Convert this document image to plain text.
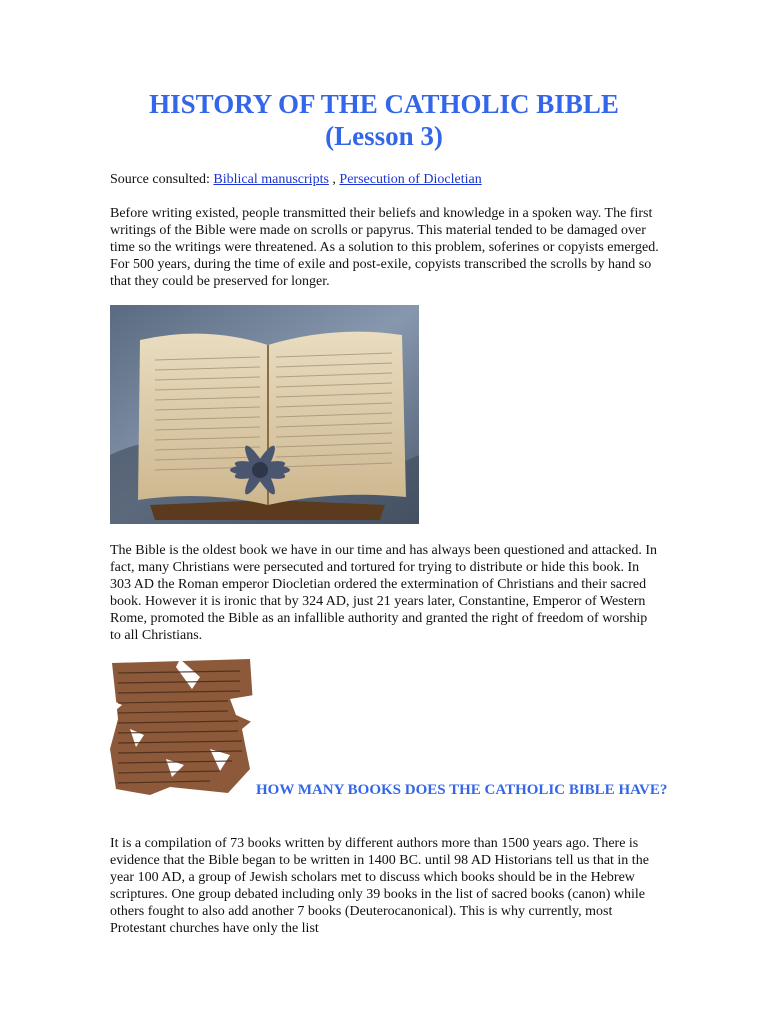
HISTORY OF THE CATHOLIC BIBLE
(Lesson 3)
Source consulted: Biblical manuscripts , Persecution of Diocletian

Before writing existed, people transmitted their beliefs and knowledge in a spoken way. The first writings of the Bible were made on scrolls or papyrus. This material tended to be damaged over time so the writings were threatened. As a solution to this problem, soferines or copyists emerged. For 500 years, during the time of exile and post-exile, copyists transcribed the scrolls by hand so that they could be preserved for longer.

The Bible is the oldest book we have in our time and has always been questioned and attacked. In fact, many Christians were persecuted and tortured for trying to distribute or hide this book. In 303 AD the Roman emperor Diocletian ordered the extermination of Christians and their sacred book. However it is ironic that by 324 AD, just 21 years later, Constantine, Emperor of Western Rome, promoted the Bible as an infallible authority and granted the right of freedom of worship to all Christians.

HOW MANY BOOKS DOES THE CATHOLIC BIBLE HAVE?

It is a compilation of 73 books written by different authors more than 1500 years ago. There is evidence that the Bible began to be written in 1400 BC. until 98 AD Historians tell us that in the year 100 AD, a group of Jewish scholars met to discuss which books should be in the Hebrew scriptures. One group debated including only 39 books in the list of sacred books (canon) while others fought to also add another 7 books (Deuterocanonical). This is why currently, most Protestant churches have only the list
